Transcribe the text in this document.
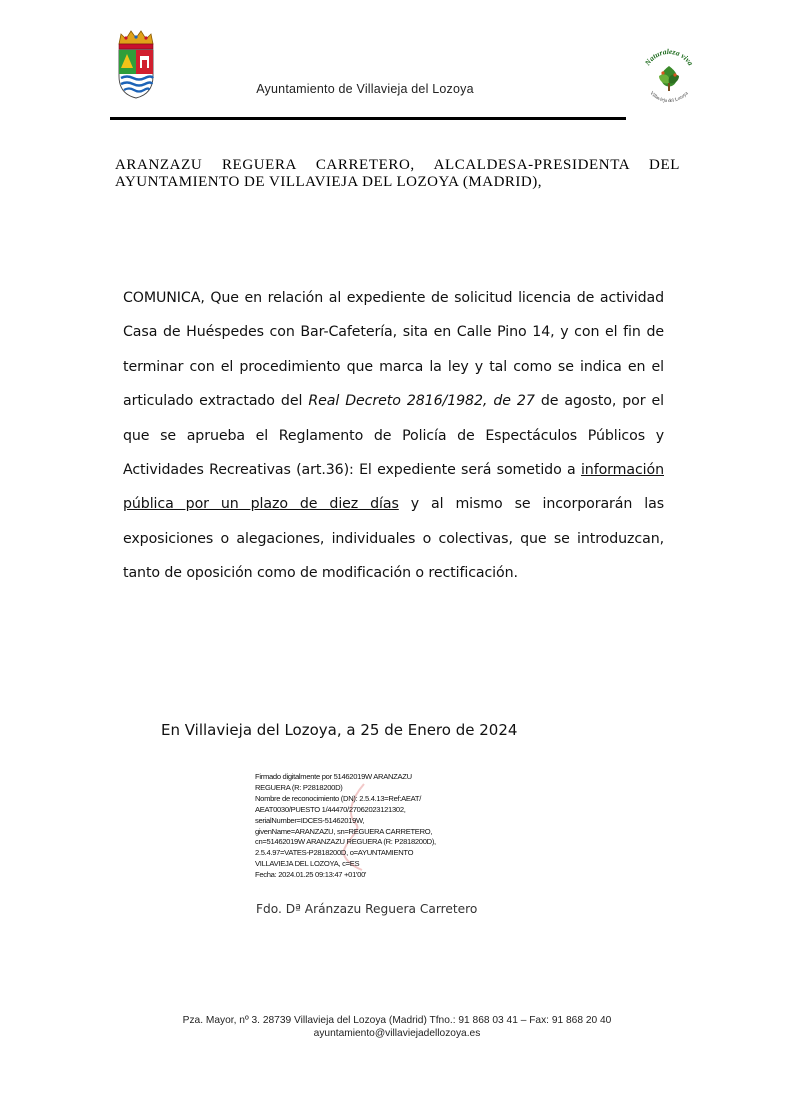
Ayuntamiento de Villavieja del Lozoya
Naturaleza viva
Villavieja del Lozoya
ARANZAZU REGUERA CARRETERO, ALCALDESA-PRESIDENTA DEL
AYUNTAMIENTO DE VILLAVIEJA DEL LOZOYA (MADRID),
COMUNICA, Que en relación al expediente de solicitud licencia de actividad Casa de Huéspedes con Bar-Cafetería, sita en Calle Pino 14, y con el fin de terminar con el procedimiento que marca la ley y tal como se indica en el articulado extractado del Real Decreto 2816/1982, de 27 de agosto, por el que se aprueba el Reglamento de Policía de Espectáculos Públicos y Actividades Recreativas (art.36): El expediente será sometido a información pública por un plazo de diez días y al mismo se incorporarán las exposiciones o alegaciones, individuales o colectivas, que se introduzcan, tanto de oposición como de modificación o rectificación.
En Villavieja del Lozoya, a 25 de Enero de 2024
Firmado digitalmente por 51462019W ARANZAZU
REGUERA (R: P2818200D)
Nombre de reconocimiento (DN): 2.5.4.13=Ref:AEAT/
AEAT0030/PUESTO 1/44470/27062023121302,
serialNumber=IDCES-51462019W,
givenName=ARANZAZU, sn=REGUERA CARRETERO,
cn=51462019W ARANZAZU REGUERA (R: P2818200D),
2.5.4.97=VATES-P2818200D, o=AYUNTAMIENTO
VILLAVIEJA DEL LOZOYA, c=ES
Fecha: 2024.01.25 09:13:47 +01'00'
Fdo. Dª Aránzazu Reguera Carretero
Pza. Mayor, nº 3. 28739 Villavieja del Lozoya (Madrid) Tfno.: 91 868 03 41 – Fax: 91 868 20 40
ayuntamiento@villaviejadellozoya.es
